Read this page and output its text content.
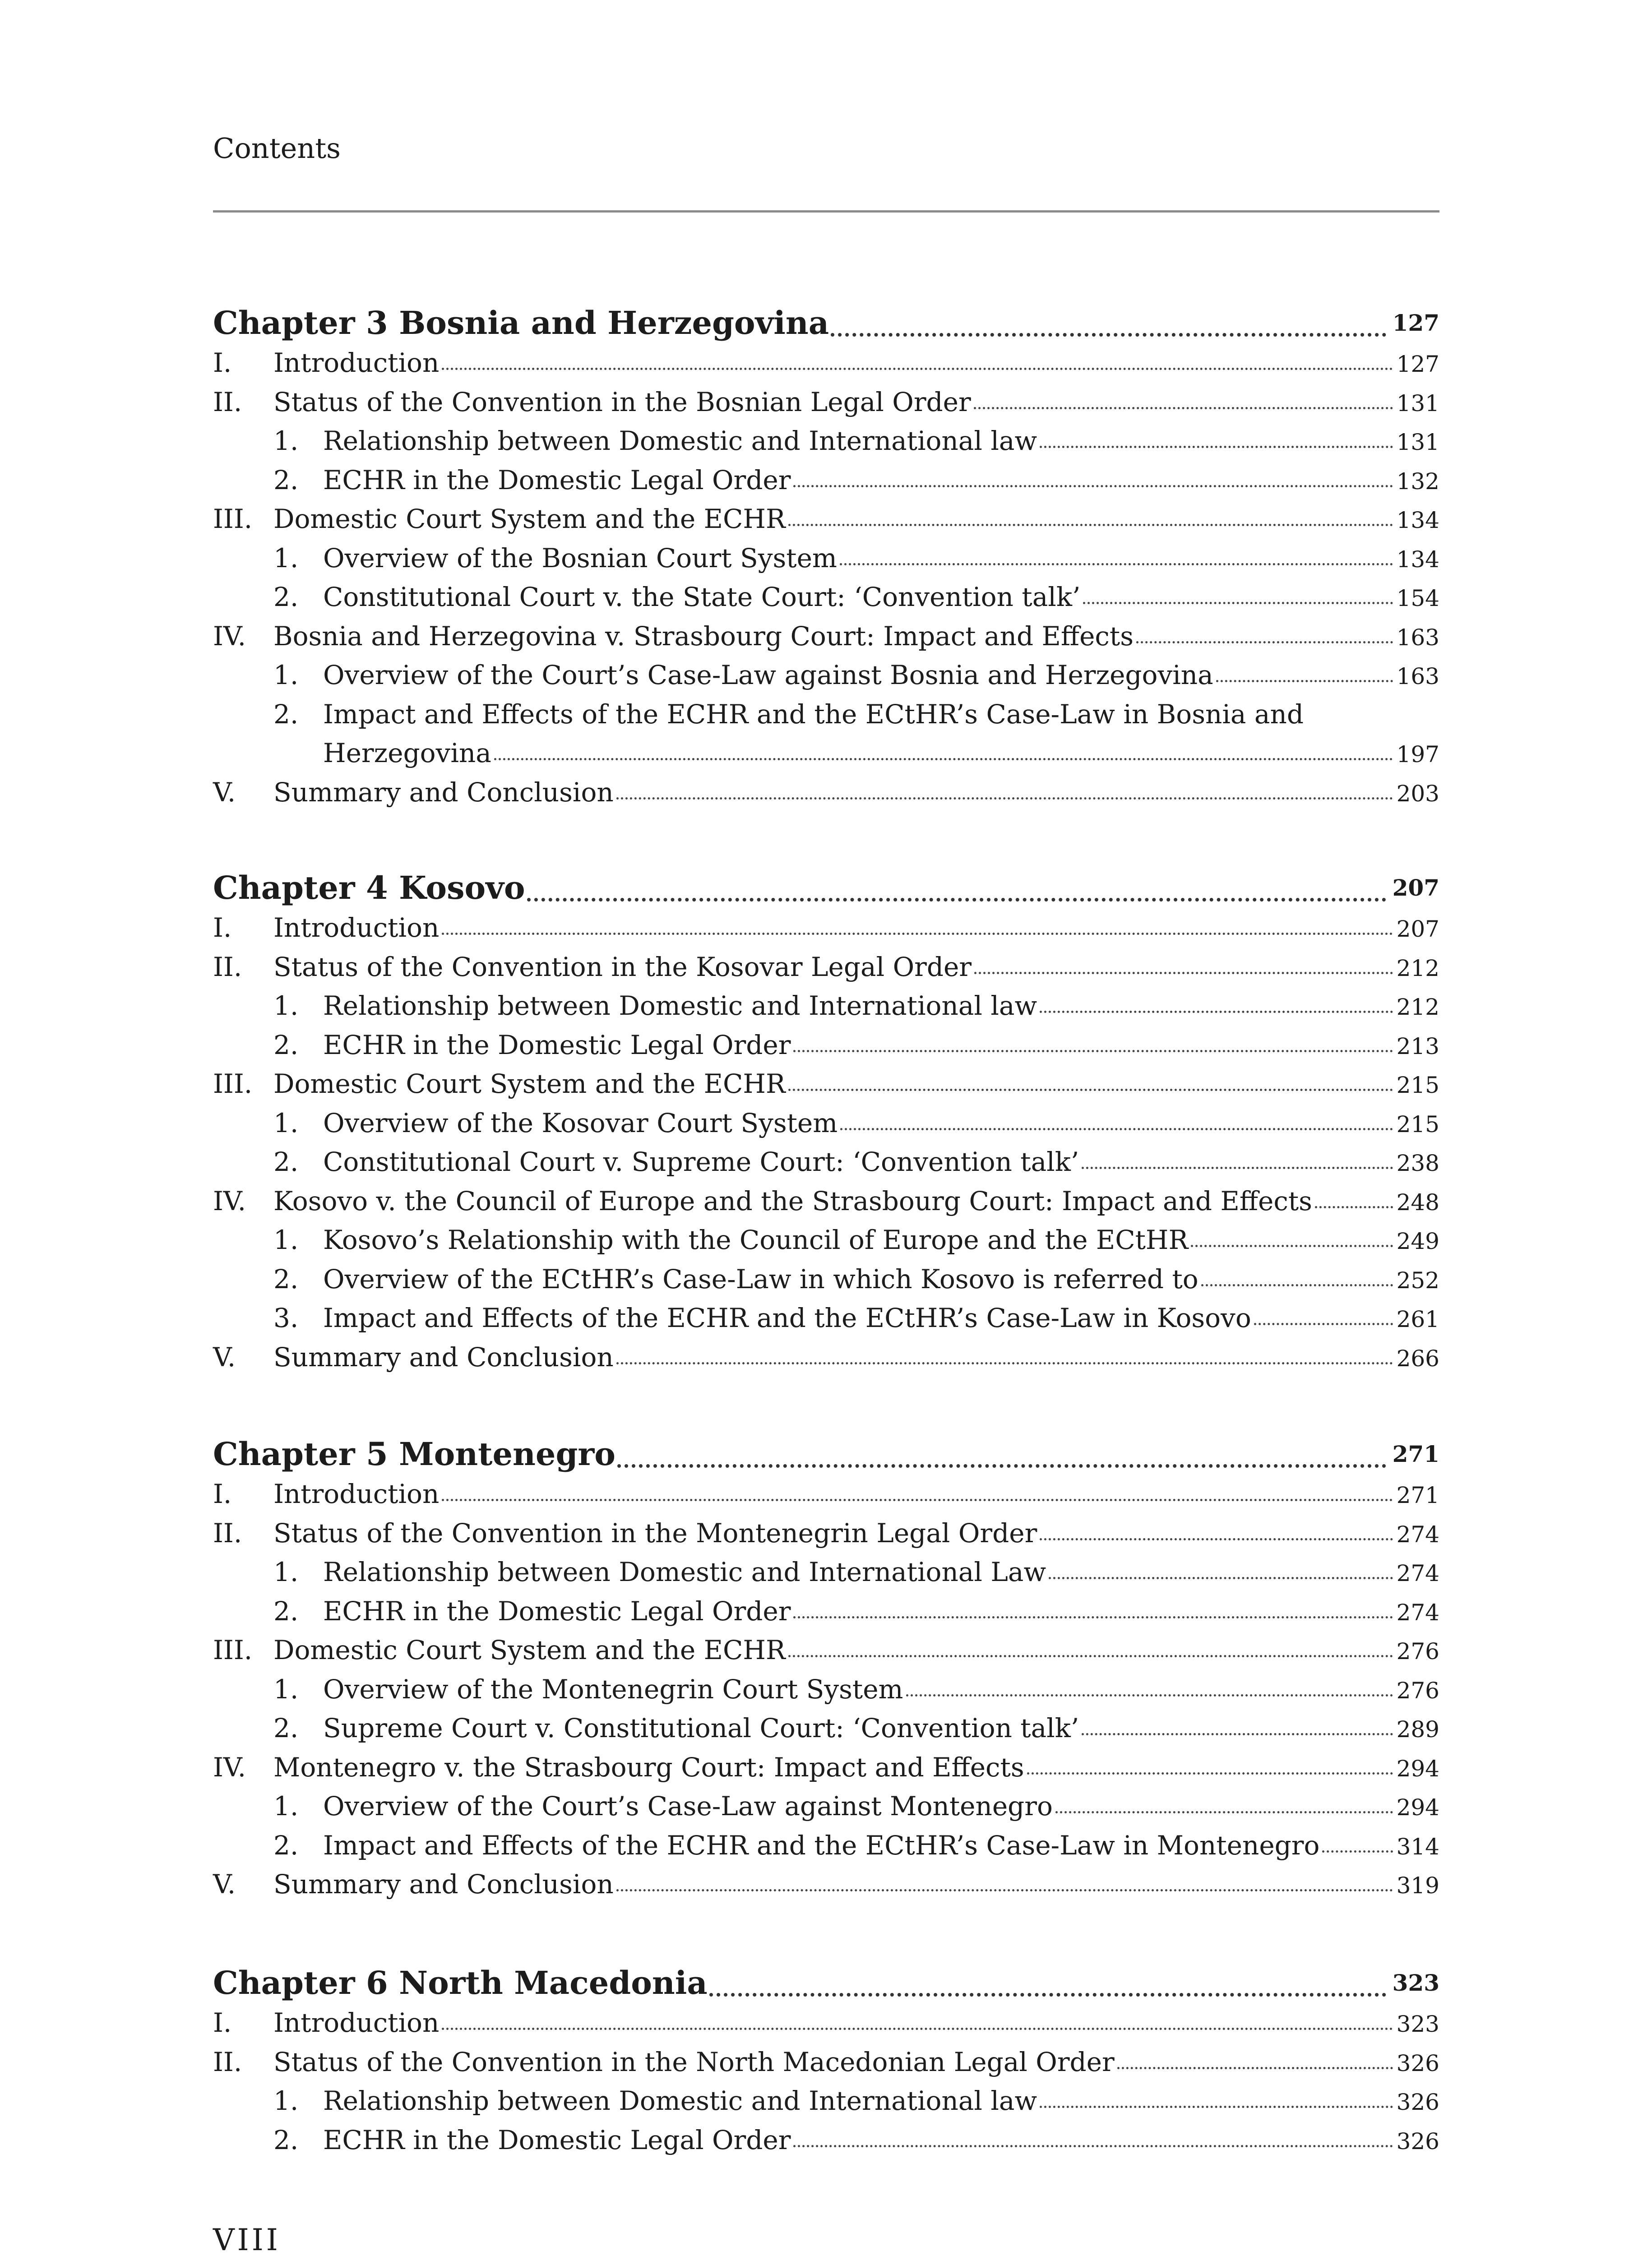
Contents
Chapter 3 Bosnia and Herzegovina	127
I.	Introduction	127
II.	Status of the Convention in the Bosnian Legal Order	131
1. Relationship between Domestic and International law	131
2. ECHR in the Domestic Legal Order	132
III. Domestic Court System and the ECHR	134
1. Overview of the Bosnian Court System	134
2. Constitutional Court v. the State Court: ‘Convention talk’	154
IV.	Bosnia and Herzegovina v. Strasbourg Court: Impact and Effects	163
1. Overview of the Court’s Case-Law against Bosnia and Herzegovina	163
2. Impact and Effects of the ECHR and the ECtHR’s Case-Law in Bosnia and
Herzegovina	197
V.	Summary and Conclusion	203
Chapter 4 Kosovo	207
I.	Introduction	207
II.	Status of the Convention in the Kosovar Legal Order	212
1. Relationship between Domestic and International law	212
2. ECHR in the Domestic Legal Order	213
III. Domestic Court System and the ECHR	215
1. Overview of the Kosovar Court System	215
2. Constitutional Court v. Supreme Court: ‘Convention talk’	238
IV.	Kosovo v. the Council of Europe and the Strasbourg Court: Impact and Effects	248
1. Kosovo’s Relationship with the Council of Europe and the ECtHR	249
2. Overview of the ECtHR’s Case-Law in which Kosovo is referred to	252
3. Impact and Effects of the ECHR and the ECtHR’s Case-Law in Kosovo	261
V.	Summary and Conclusion	266
Chapter 5 Montenegro	271
I.	Introduction	271
II.	Status of the Convention in the Montenegrin Legal Order	274
1. Relationship between Domestic and International Law	274
2. ECHR in the Domestic Legal Order	274
III. Domestic Court System and the ECHR	276
1. Overview of the Montenegrin Court System	276
2. Supreme Court v. Constitutional Court: ‘Convention talk’	289
IV.	Montenegro v. the Strasbourg Court: Impact and Effects	294
1. Overview of the Court’s Case-Law against Montenegro	294
2. Impact and Effects of the ECHR and the ECtHR’s Case-Law in Montenegro	314
V.	Summary and Conclusion	319
Chapter 6 North Macedonia	323
I.	Introduction	323
II.	Status of the Convention in the North Macedonian Legal Order	326
1. Relationship between Domestic and International law	326
2. ECHR in the Domestic Legal Order	326
VIII
